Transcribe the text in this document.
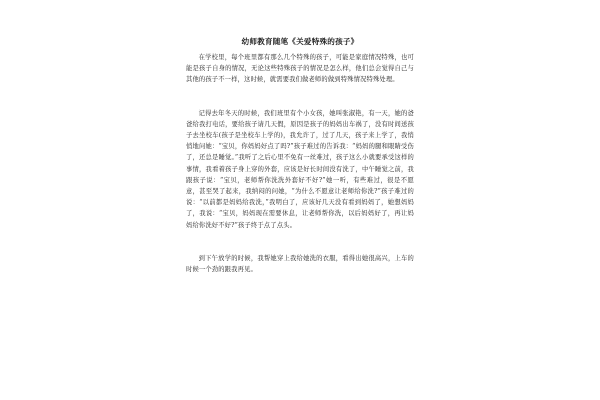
幼师教育随笔《关爱特殊的孩子》

在学校里，每个班里都有那么几个特殊的孩子，可能是家庭情况特殊，也可能是孩子自身的情况，无论这些特殊孩子的情况是怎么样，他们总会觉得自己与其他的孩子不一样，这时候，就需要我们做老师的做到特殊情况特殊处理。

记得去年冬天的时候，我们班里有个小女孩，她叫张淑艳，有一天，她的爸爸给我打电话，要给孩子请几天假，原因是孩子的妈妈出车祸了，没有时间送孩子去坐校车(孩子是坐校车上学的)，我允许了，过了几天，孩子来上学了，我悄悄地问她：“宝贝，你妈妈好点了吗?”孩子难过的告诉我：“妈妈的腿和眼睛受伤了，还总是睡觉。”我听了之后心里不免有一丝难过，孩子这么小就要承受这样的事情，我看着孩子身上穿的外套，应该是好长时间没有洗了，中午睡觉之前，我跟孩子说：“宝贝，老师帮你洗洗外套好不好?”她一听，有些难过，很是不愿意，甚至哭了起来，我纳闷的问她，“为什么不愿意让老师给你洗?”孩子难过的说：“以前都是妈妈给我洗，”我明白了，应该好几天没有看到妈妈了，她想妈妈了，我说：“宝贝，妈妈现在需要休息，让老师帮你洗，以后妈妈好了，再让妈妈给你洗好不好?”孩子终于点了点头。

到下午放学的时候，我帮她穿上我给她洗的衣服，看得出她很高兴，上车的时候一个劲的跟我再见。
